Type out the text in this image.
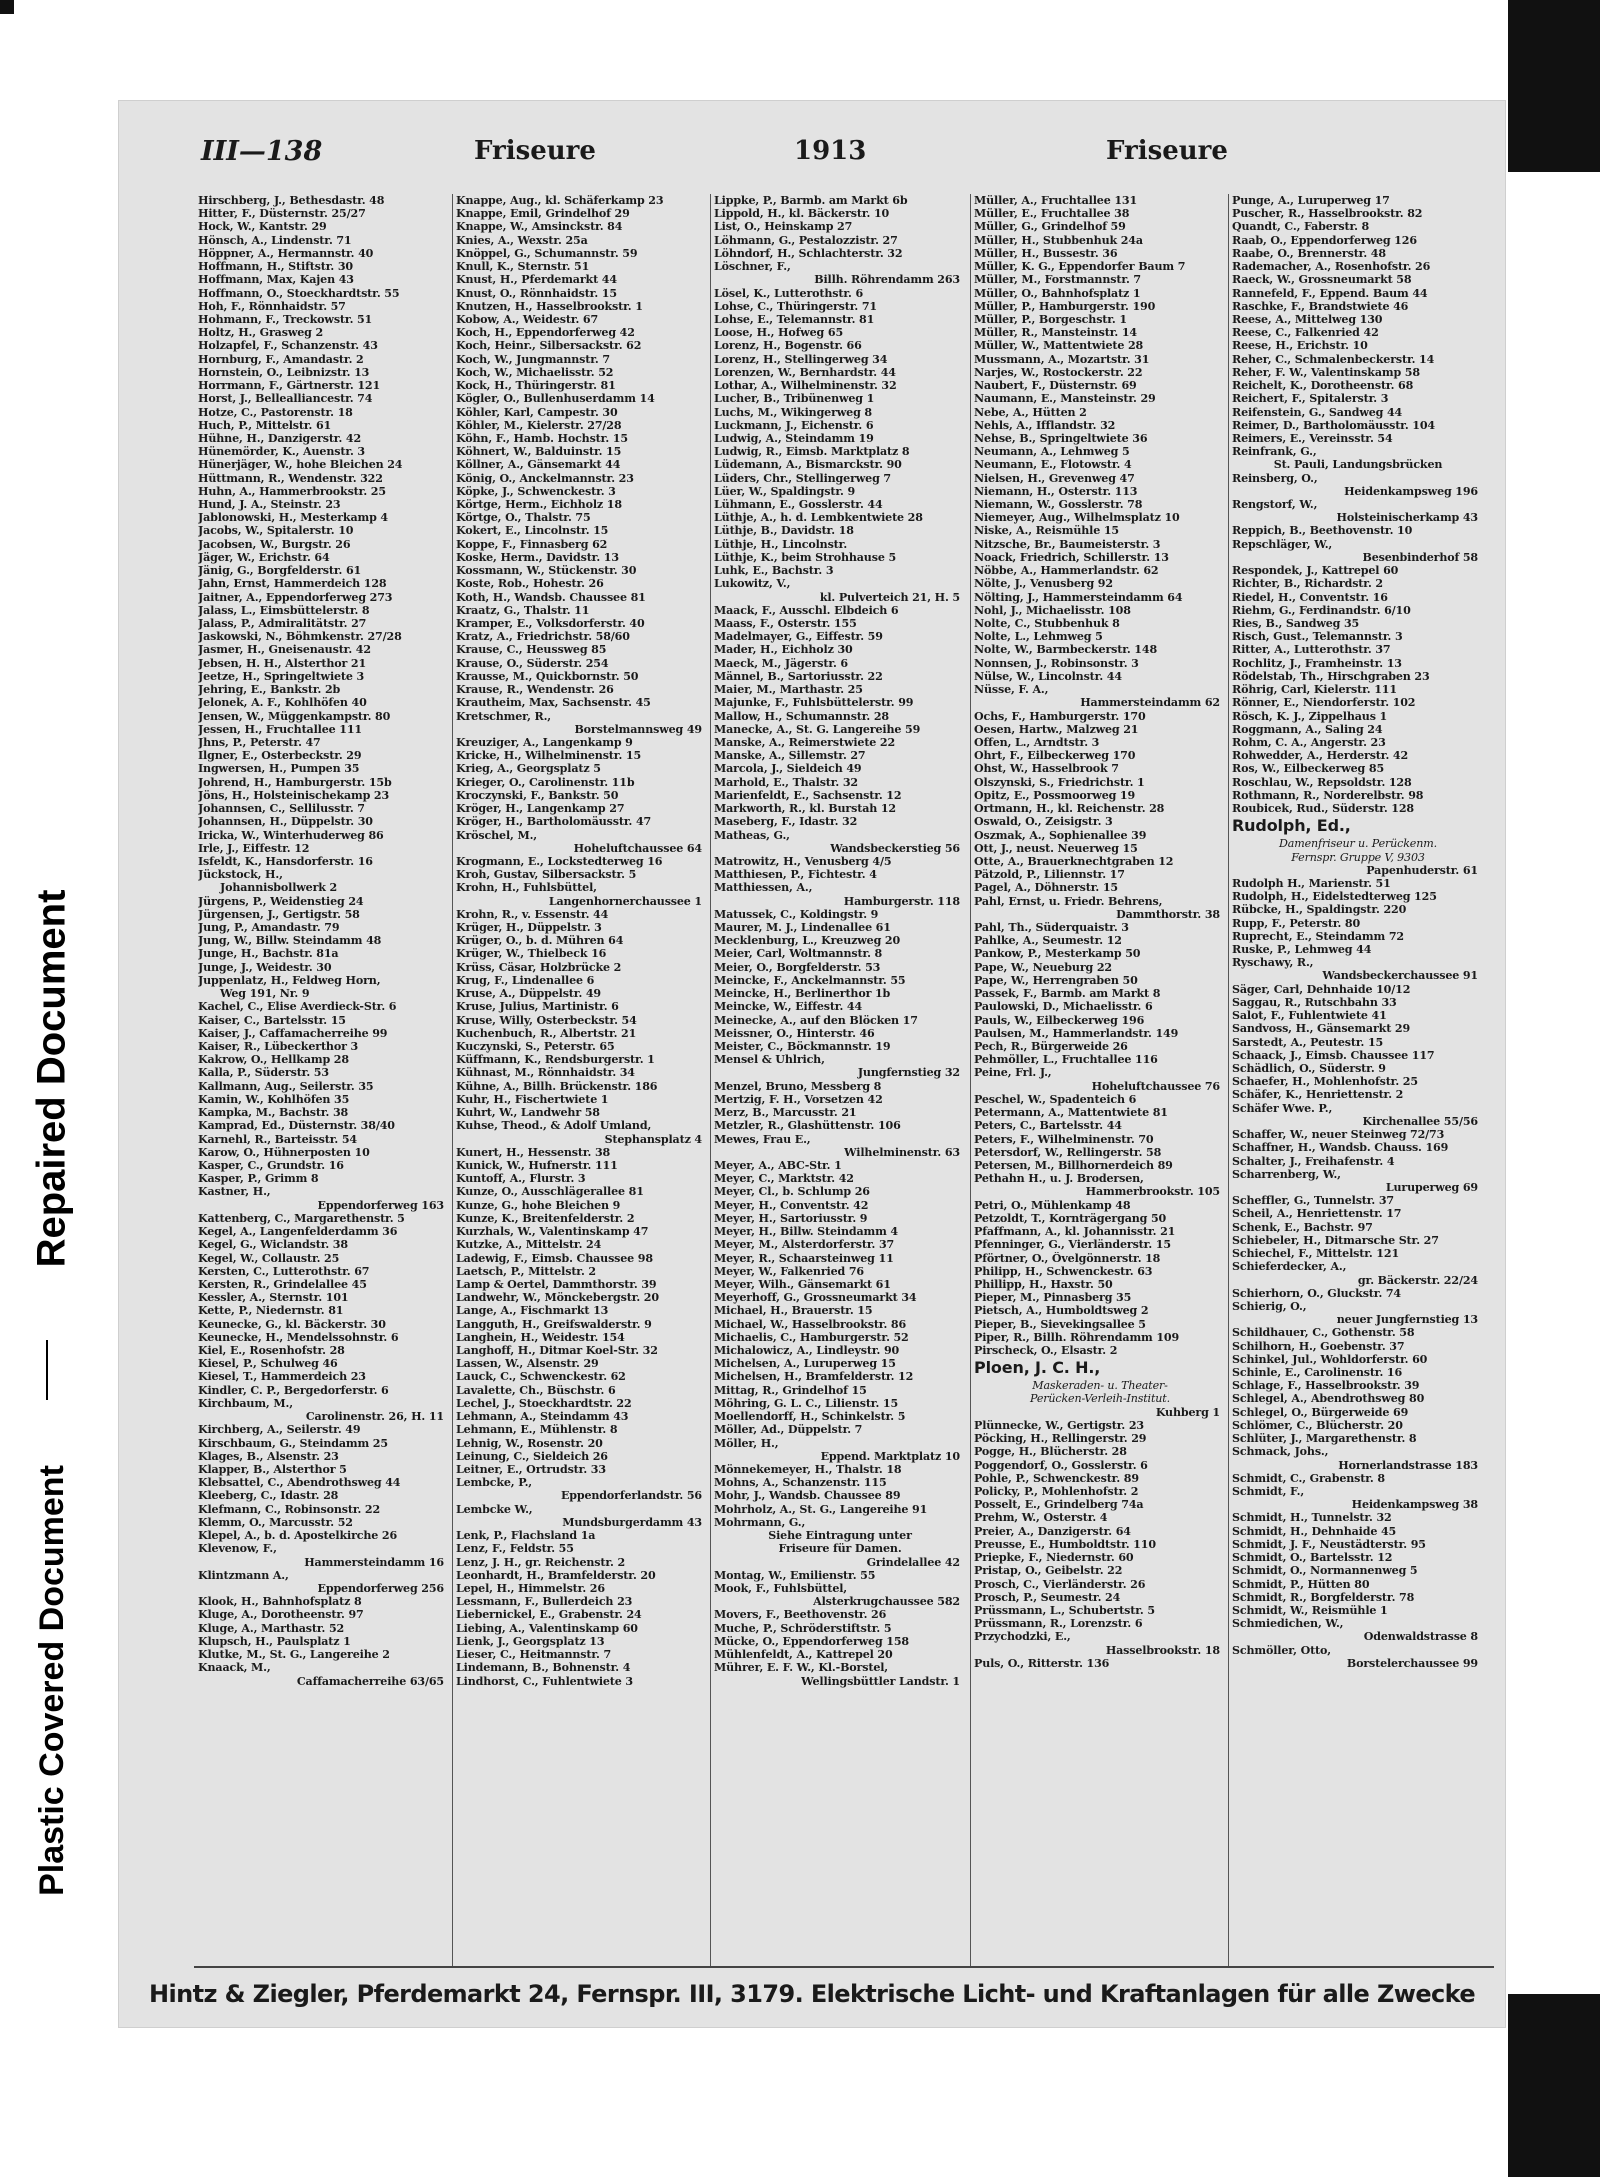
Repaired Document
Plastic Covered Document
III—138	Friseure	1913	Friseure
Hirschberg, J., Bethesdastr. 48
Hitter, F., Düsternstr. 25/27
Hock, W., Kantstr. 29
Hönsch, A., Lindenstr. 71
Höppner, A., Hermannstr. 40
Hoffmann, H., Stiftstr. 30
Hoffmann, Max, Kajen 43
Hoffmann, O., Stoeckhardtstr. 55
Hoh, F., Rönnhaidstr. 57
Hohmann, F., Treckowstr. 51
Holtz, H., Grasweg 2
Holzapfel, F., Schanzenstr. 43
Hornburg, F., Amandastr. 2
Hornstein, O., Leibnizstr. 13
Horrmann, F., Gärtnerstr. 121
Horst, J., Bellealliancestr. 74
Hotze, C., Pastorenstr. 18
Huch, P., Mittelstr. 61
Hühne, H., Danzigerstr. 42
Hünemörder, K., Auenstr. 3
Hünerjäger, W., hohe Bleichen 24
Hüttmann, R., Wendenstr. 322
Huhn, A., Hammerbrookstr. 25
Hund, J. A., Steinstr. 23
Jablonowski, H., Mesterkamp 4
Jacobs, W., Spitalerstr. 10
Jacobsen, W., Burgstr. 26
Jäger, W., Erichstr. 64
Jänig, G., Borgfelderstr. 61
Jahn, Ernst, Hammerdeich 128
Jaitner, A., Eppendorferweg 273
Jalass, L., Eimsbüttelerstr. 8
Jalass, P., Admiralitätstr. 27
Jaskowski, N., Böhmkenstr. 27/28
Jasmer, H., Gneisenaustr. 42
Jebsen, H. H., Alsterthor 21
Jeetze, H., Springeltwiete 3
Jehring, E., Bankstr. 2b
Jelonek, A. F., Kohlhöfen 40
Jensen, W., Müggenkampstr. 80
Jessen, H., Fruchtallee 111
Jhns, P., Peterstr. 47
Ilgner, E., Osterbeckstr. 29
Ingwersen, H., Pumpen 35
Johrend, H., Hamburgerstr. 15b
Jöns, H., Holsteinischekamp 23
Johannsen, C., Sellilusstr. 7
Johannsen, H., Düppelstr. 30
Iricka, W., Winterhuderweg 86
Irle, J., Eiffestr. 12
Isfeldt, K., Hansdorferstr. 16
Jückstock, H.,
Johannisbollwerk 2
Jürgens, P., Weidenstieg 24
Jürgensen, J., Gertigstr. 58
Jung, P., Amandastr. 79
Jung, W., Billw. Steindamm 48
Junge, H., Bachstr. 81a
Junge, J., Weidestr. 30
Juppenlatz, H., Feldweg Horn,
Weg 191, Nr. 9
Kachel, C., Elise Averdieck-Str. 6
Kaiser, C., Bartelsstr. 15
Kaiser, J., Caffamacherreihe 99
Kaiser, R., Lübeckerthor 3
Kakrow, O., Hellkamp 28
Kalla, P., Süderstr. 53
Kallmann, Aug., Seilerstr. 35
Kamin, W., Kohlhöfen 35
Kampka, M., Bachstr. 38
Kamprad, Ed., Düsternstr. 38/40
Karnehl, R., Barteisstr. 54
Karow, O., Hühnerposten 10
Kasper, C., Grundstr. 16
Kasper, P., Grimm 8
Kastner, H.,
Eppendorferweg 163
Kattenberg, C., Margarethenstr. 5
Kegel, A., Langenfelderdamm 36
Kegel, G., Wiclandstr. 38
Kegel, W., Collaustr. 25
Kersten, C., Lutterothstr. 67
Kersten, R., Grindelallee 45
Kessler, A., Sternstr. 101
Kette, P., Niedernstr. 81
Keunecke, G., kl. Bäckerstr. 30
Keunecke, H., Mendelssohnstr. 6
Kiel, E., Rosenhofstr. 28
Kiesel, P., Schulweg 46
Kiesel, T., Hammerdeich 23
Kindler, C. P., Bergedorferstr. 6
Kirchbaum, M.,
Carolinenstr. 26, H. 11
Kirchberg, A., Seilerstr. 49
Kirschbaum, G., Steindamm 25
Klages, B., Alsenstr. 23
Klapper, B., Alsterthor 5
Klebsattel, C., Abendrothsweg 44
Kleeberg, C., Idastr. 28
Klefmann, C., Robinsonstr. 22
Klemm, O., Marcusstr. 52
Klepel, A., b. d. Apostelkirche 26
Klevenow, F.,
Hammersteindamm 16
Klintzmann A.,
Eppendorferweg 256
Klook, H., Bahnhofsplatz 8
Kluge, A., Dorotheenstr. 97
Kluge, A., Marthastr. 52
Klupsch, H., Paulsplatz 1
Klutke, M., St. G., Langereihe 2
Knaack, M.,
Caffamacherreihe 63/65
Knappe, Aug., kl. Schäferkamp 23
Knappe, Emil, Grindelhof 29
Knappe, W., Amsinckstr. 84
Knies, A., Wexstr. 25a
Knöppel, G., Schumannstr. 59
Knull, K., Sternstr. 51
Knust, H., Pferdemarkt 44
Knust, O., Rönnhaidstr. 15
Knutzen, H., Hasselbrookstr. 1
Kobow, A., Weidestr. 67
Koch, H., Eppendorferweg 42
Koch, Heinr., Silbersackstr. 62
Koch, W., Jungmannstr. 7
Koch, W., Michaelisstr. 52
Kock, H., Thüringerstr. 81
Kögler, O., Bullenhuserdamm 14
Köhler, Karl, Campestr. 30
Köhler, M., Kielerstr. 27/28
Köhn, F., Hamb. Hochstr. 15
Köhnert, W., Balduinstr. 15
Köllner, A., Gänsemarkt 44
König, O., Anckelmannstr. 23
Köpke, J., Schwenckestr. 3
Körtge, Herm., Eichholz 18
Körtge, O., Thalstr. 75
Kokert, E., Lincolnstr. 15
Koppe, F., Finnasberg 62
Koske, Herm., Davidstr. 13
Kossmann, W., Stückenstr. 30
Koste, Rob., Hohestr. 26
Koth, H., Wandsb. Chaussee 81
Kraatz, G., Thalstr. 11
Kramper, E., Volksdorferstr. 40
Kratz, A., Friedrichstr. 58/60
Krause, C., Heussweg 85
Krause, O., Süderstr. 254
Krausse, M., Quickbornstr. 50
Krause, R., Wendenstr. 26
Krautheim, Max, Sachsenstr. 45
Kretschmer, R.,
Borstelmannsweg 49
Kreuziger, A., Langenkamp 9
Kricke, H., Wilhelminenstr. 15
Krieg, A., Georgsplatz 5
Krieger, O., Carolinenstr. 11b
Kroczynski, F., Bankstr. 50
Kröger, H., Langenkamp 27
Kröger, H., Bartholomäusstr. 47
Kröschel, M.,
Hoheluftchaussee 64
Krogmann, E., Lockstedterweg 16
Kroh, Gustav, Silbersackstr. 5
Krohn, H., Fuhlsbüttel,
Langenhornerchaussee 1
Krohn, R., v. Essenstr. 44
Krüger, H., Düppelstr. 3
Krüger, O., b. d. Mühren 64
Krüger, W., Thielbeck 16
Krüss, Cäsar, Holzbrücke 2
Krug, F., Lindenallee 6
Kruse, A., Düppelstr. 49
Kruse, Julius, Martinistr. 6
Kruse, Willy, Osterbeckstr. 54
Kuchenbuch, R., Albertstr. 21
Kuczynski, S., Peterstr. 65
Küffmann, K., Rendsburgerstr. 1
Kühnast, M., Rönnhaidstr. 34
Kühne, A., Billh. Brückenstr. 186
Kuhr, H., Fischertwiete 1
Kuhrt, W., Landwehr 58
Kuhse, Theod., & Adolf Umland,
Stephansplatz 4
Kunert, H., Hessenstr. 38
Kunick, W., Hufnerstr. 111
Kuntoff, A., Flurstr. 3
Kunze, O., Ausschlägerallee 81
Kunze, G., hohe Bleichen 9
Kunze, K., Breitenfelderstr. 2
Kurzhals, W., Valentinskamp 47
Kutzke, A., Mittelstr. 24
Ladewig, F., Eimsb. Chaussee 98
Laetsch, P., Mittelstr. 2
Lamp & Oertel, Dammthorstr. 39
Landwehr, W., Mönckebergstr. 20
Lange, A., Fischmarkt 13
Langguth, H., Greifswalderstr. 9
Langhein, H., Weidestr. 154
Langhoff, H., Ditmar Koel-Str. 32
Lassen, W., Alsenstr. 29
Lauck, C., Schwenckestr. 62
Lavalette, Ch., Büschstr. 6
Lechel, J., Stoeckhardtstr. 22
Lehmann, A., Steindamm 43
Lehmann, E., Mühlenstr. 8
Lehnig, W., Rosenstr. 20
Leinung, C., Sieldeich 26
Leitner, E., Ortrudstr. 33
Lembcke, P.,
Eppendorferlandstr. 56
Lembcke W.,
Mundsburgerdamm 43
Lenk, P., Flachsland 1a
Lenz, F., Feldstr. 55
Lenz, J. H., gr. Reichenstr. 2
Leonhardt, H., Bramfelderstr. 20
Lepel, H., Himmelstr. 26
Lessmann, F., Bullerdeich 23
Liebernickel, E., Grabenstr. 24
Liebing, A., Valentinskamp 60
Lienk, J., Georgsplatz 13
Lieser, C., Heitmannstr. 7
Lindemann, B., Bohnenstr. 4
Lindhorst, C., Fuhlentwiete 3
Lippke, P., Barmb. am Markt 6b
Lippold, H., kl. Bäckerstr. 10
List, O., Heinskamp 27
Löhmann, G., Pestalozzistr. 27
Löhndorf, H., Schlachterstr. 32
Löschner, F.,
Billh. Röhrendamm 263
Lösel, K., Lutterothstr. 6
Lohse, C., Thüringerstr. 71
Lohse, E., Telemannstr. 81
Loose, H., Hofweg 65
Lorenz, H., Bogenstr. 66
Lorenz, H., Stellingerweg 34
Lorenzen, W., Bernhardstr. 44
Lothar, A., Wilhelminenstr. 32
Lucher, B., Tribünenweg 1
Luchs, M., Wikingerweg 8
Luckmann, J., Eichenstr. 6
Ludwig, A., Steindamm 19
Ludwig, R., Eimsb. Marktplatz 8
Lüdemann, A., Bismarckstr. 90
Lüders, Chr., Stellingerweg 7
Lüer, W., Spaldingstr. 9
Lühmann, E., Gosslerstr. 44
Lüthje, A., h. d. Lembkentwiete 28
Lüthje, B., Davidstr. 18
Lüthje, H., Lincolnstr.
Lüthje, K., beim Strohhause 5
Luhk, E., Bachstr. 3
Lukowitz, V.,
kl. Pulverteich 21, H. 5
Maack, F., Ausschl. Elbdeich 6
Maass, F., Osterstr. 155
Madelmayer, G., Eiffestr. 59
Mader, H., Eichholz 30
Maeck, M., Jägerstr. 6
Männel, B., Sartoriusstr. 22
Maier, M., Marthastr. 25
Majunke, F., Fuhlsbüttelerstr. 99
Mallow, H., Schumannstr. 28
Manecke, A., St. G. Langereihe 59
Manske, A., Reimerstwiete 22
Manske, A., Sillemstr. 27
Marcola, J., Sieldeich 49
Marhold, E., Thalstr. 32
Marienfeldt, E., Sachsenstr. 12
Markworth, R., kl. Burstah 12
Maseberg, F., Idastr. 32
Matheas, G.,
Wandsbeckerstieg 56
Matrowitz, H., Venusberg 4/5
Matthiesen, P., Fichtestr. 4
Matthiessen, A.,
Hamburgerstr. 118
Matussek, C., Koldingstr. 9
Maurer, M. J., Lindenallee 61
Mecklenburg, L., Kreuzweg 20
Meier, Carl, Woltmannstr. 8
Meier, O., Borgfelderstr. 53
Meincke, F., Anckelmannstr. 55
Meincke, H., Berlinerthor 1b
Meincke, W., Eiffestr. 44
Meinecke, A., auf den Blöcken 17
Meissner, O., Hinterstr. 46
Meister, C., Böckmannstr. 19
Mensel & Uhlrich,
Jungfernstieg 32
Menzel, Bruno, Messberg 8
Mertzig, F. H., Vorsetzen 42
Merz, B., Marcusstr. 21
Metzler, R., Glashüttenstr. 106
Mewes, Frau E.,
Wilhelminenstr. 63
Meyer, A., ABC-Str. 1
Meyer, C., Marktstr. 42
Meyer, Cl., b. Schlump 26
Meyer, H., Conventstr. 42
Meyer, H., Sartoriusstr. 9
Meyer, H., Billw. Steindamm 4
Meyer, M., Alsterdorferstr. 37
Meyer, R., Schaarsteinweg 11
Meyer, W., Falkenried 76
Meyer, Wilh., Gänsemarkt 61
Meyerhoff, G., Grossneumarkt 34
Michael, H., Brauerstr. 15
Michael, W., Hasselbrookstr. 86
Michaelis, C., Hamburgerstr. 52
Michalowicz, A., Lindleystr. 90
Michelsen, A., Luruperweg 15
Michelsen, H., Bramfelderstr. 12
Mittag, R., Grindelhof 15
Möhring, G. L. C., Lilienstr. 15
Moellendorff, H., Schinkelstr. 5
Möller, Ad., Düppelstr. 7
Möller, H.,
Eppend. Marktplatz 10
Mönnekemeyer, H., Thalstr. 18
Mohns, A., Schanzenstr. 115
Mohr, J., Wandsb. Chaussee 89
Mohrholz, A., St. G., Langereihe 91
Mohrmann, G.,
Siehe Eintragung unter
Friseure für Damen.
Grindelallee 42
Montag, W., Emilienstr. 55
Mook, F., Fuhlsbüttel,
Alsterkrugchaussee 582
Movers, F., Beethovenstr. 26
Muche, P., Schröderstiftstr. 5
Mücke, O., Eppendorferweg 158
Mühlenfeldt, A., Kattrepel 20
Mührer, E. F. W., Kl.-Borstel,
Wellingsbüttler Landstr. 1
Müller, A., Fruchtallee 131
Müller, E., Fruchtallee 38
Müller, G., Grindelhof 59
Müller, H., Stubbenhuk 24a
Müller, H., Bussestr. 36
Müller, K. G., Eppendorfer Baum 7
Müller, M., Forstmannstr. 7
Müller, O., Bahnhofsplatz 1
Müller, P., Hamburgerstr. 190
Müller, P., Borgeschstr. 1
Müller, R., Mansteinstr. 14
Müller, W., Mattentwiete 28
Mussmann, A., Mozartstr. 31
Narjes, W., Rostockerstr. 22
Naubert, F., Düsternstr. 69
Naumann, E., Mansteinstr. 29
Nebe, A., Hütten 2
Nehls, A., Ifflandstr. 32
Nehse, B., Springeltwiete 36
Neumann, A., Lehmweg 5
Neumann, E., Flotowstr. 4
Nielsen, H., Grevenweg 47
Niemann, H., Osterstr. 113
Niemann, W., Gosslerstr. 78
Niemeyer, Aug., Wilhelmsplatz 10
Niske, A., Reismühle 15
Nitzsche, Br., Baumeisterstr. 3
Noack, Friedrich, Schillerstr. 13
Nöbbe, A., Hammerlandstr. 62
Nölte, J., Venusberg 92
Nölting, J., Hammersteindamm 64
Nohl, J., Michaelisstr. 108
Nolte, C., Stubbenhuk 8
Nolte, L., Lehmweg 5
Nolte, W., Barmbeckerstr. 148
Nonnsen, J., Robinsonstr. 3
Nülse, W., Lincolnstr. 44
Nüsse, F. A.,
Hammersteindamm 62
Ochs, F., Hamburgerstr. 170
Oesen, Hartw., Malzweg 21
Offen, L., Arndtstr. 3
Ohrt, F., Eilbeckerweg 170
Ohst, W., Hasselbrook 7
Olszynski, S., Friedrichstr. 1
Opitz, E., Possmoorweg 19
Ortmann, H., kl. Reichenstr. 28
Oswald, O., Zeisigstr. 3
Oszmak, A., Sophienallee 39
Ott, J., neust. Neuerweg 15
Otte, A., Brauerknechtgraben 12
Pätzold, P., Liliennstr. 17
Pagel, A., Döhnerstr. 15
Pahl, Ernst, u. Friedr. Behrens,
Dammthorstr. 38
Pahl, Th., Süderquaistr. 3
Pahlke, A., Seumestr. 12
Pankow, P., Mesterkamp 50
Pape, W., Neueburg 22
Pape, W., Herrengraben 50
Passek, F., Barmb. am Markt 8
Paulowski, D., Michaelisstr. 6
Pauls, W., Eilbeckerweg 196
Paulsen, M., Hammerlandstr. 149
Pech, R., Bürgerweide 26
Pehmöller, L., Fruchtallee 116
Peine, Frl. J.,
Hoheluftchaussee 76
Peschel, W., Spadenteich 6
Petermann, A., Mattentwiete 81
Peters, C., Bartelsstr. 44
Peters, F., Wilhelminenstr. 70
Petersdorf, W., Rellingerstr. 58
Petersen, M., Billhornerdeich 89
Pethahn H., u. J. Brodersen,
Hammerbrookstr. 105
Petri, O., Mühlenkamp 48
Petzoldt, T., Kornträgergang 50
Pfaffmann, A., kl. Johannisstr. 21
Pfenninger, G., Vierländerstr. 15
Pförtner, O., Övelgönnerstr. 18
Philipp, H., Schwenckestr. 63
Phillipp, H., Haxstr. 50
Pieper, M., Pinnasberg 35
Pietsch, A., Humboldtsweg 2
Pieper, B., Sievekingsallee 5
Piper, R., Billh. Röhrendamm 109
Pirscheck, O., Elsastr. 2
Ploen, J. C. H.,
Maskeraden- u. Theater-
Perücken-Verleih-Institut.
Kuhberg 1
Plünnecke, W., Gertigstr. 23
Pöcking, H., Rellingerstr. 29
Pogge, H., Blücherstr. 28
Poggendorf, O., Gosslerstr. 6
Pohle, P., Schwenckestr. 89
Policky, P., Mohlenhofstr. 2
Posselt, E., Grindelberg 74a
Prehm, W., Osterstr. 4
Preier, A., Danzigerstr. 64
Preusse, E., Humboldtstr. 110
Priepke, F., Niedernstr. 60
Pristap, O., Geibelstr. 22
Prosch, C., Vierländerstr. 26
Prosch, P., Seumestr. 24
Prüssmann, L., Schubertstr. 5
Prüssmann, R., Lorenzstr. 6
Przychodzki, E.,
Hasselbrookstr. 18
Puls, O., Ritterstr. 136
Punge, A., Luruperweg 17
Puscher, R., Hasselbrookstr. 82
Quandt, C., Faberstr. 8
Raab, O., Eppendorferweg 126
Raabe, O., Brennerstr. 48
Rademacher, A., Rosenhofstr. 26
Raeck, W., Grossneumarkt 58
Rannefeld, F., Eppend. Baum 44
Raschke, F., Brandstwiete 46
Reese, A., Mittelweg 130
Reese, C., Falkenried 42
Reese, H., Erichstr. 10
Reher, C., Schmalenbeckerstr. 14
Reher, F. W., Valentinskamp 58
Reichelt, K., Dorotheenstr. 68
Reichert, F., Spitalerstr. 3
Reifenstein, G., Sandweg 44
Reimer, D., Bartholomäusstr. 104
Reimers, E., Vereinsstr. 54
Reinfrank, G.,
St. Pauli, Landungsbrücken
Reinsberg, O.,
Heidenkampsweg 196
Rengstorf, W.,
Holsteinischerkamp 43
Reppich, B., Beethovenstr. 10
Repschläger, W.,
Besenbinderhof 58
Respondek, J., Kattrepel 60
Richter, B., Richardstr. 2
Riedel, H., Conventstr. 16
Riehm, G., Ferdinandstr. 6/10
Ries, B., Sandweg 35
Risch, Gust., Telemannstr. 3
Ritter, A., Lutterothstr. 37
Rochlitz, J., Framheinstr. 13
Rödelstab, Th., Hirschgraben 23
Röhrig, Carl, Kielerstr. 111
Rönner, E., Niendorferstr. 102
Rösch, K. J., Zippelhaus 1
Roggmann, A., Saling 24
Rohm, C. A., Angerstr. 23
Rohwedder, A., Herderstr. 42
Ros, W., Eilbeckerweg 85
Roschlau, W., Repsoldstr. 128
Rothmann, R., Norderelbstr. 98
Roubicek, Rud., Süderstr. 128
Rudolph, Ed.,
Damenfriseur u. Perückenm.
Fernspr. Gruppe V, 9303
Papenhuderstr. 61
Rudolph H., Marienstr. 51
Rudolph, H., Eidelstedterweg 125
Rübcke, H., Spaldingstr. 220
Rupp, F., Peterstr. 80
Ruprecht, E., Steindamm 72
Ruske, P., Lehmweg 44
Ryschawy, R.,
Wandsbeckerchaussee 91
Säger, Carl, Dehnhaide 10/12
Saggau, R., Rutschbahn 33
Salot, F., Fuhlentwiete 41
Sandvoss, H., Gänsemarkt 29
Sarstedt, A., Peutestr. 15
Schaack, J., Eimsb. Chaussee 117
Schädlich, O., Süderstr. 9
Schaefer, H., Mohlenhofstr. 25
Schäfer, K., Henriettenstr. 2
Schäfer Wwe. P.,
Kirchenallee 55/56
Schaffer, W., neuer Steinweg 72/73
Schaffner, H., Wandsb. Chauss. 169
Schalter, J., Freihafenstr. 4
Scharrenberg, W.,
Luruperweg 69
Scheffler, G., Tunnelstr. 37
Scheil, A., Henriettenstr. 17
Schenk, E., Bachstr. 97
Schiebeler, H., Ditmarsche Str. 27
Schiechel, F., Mittelstr. 121
Schieferdecker, A.,
gr. Bäckerstr. 22/24
Schierhorn, O., Gluckstr. 74
Schierig, O.,
neuer Jungfernstieg 13
Schildhauer, C., Gothenstr. 58
Schilhorn, H., Goebenstr. 37
Schinkel, Jul., Wohldorferstr. 60
Schinle, E., Carolinenstr. 16
Schlage, F., Hasselbrookstr. 39
Schlegel, A., Abendrothsweg 80
Schlegel, O., Bürgerweide 69
Schlömer, C., Blücherstr. 20
Schlüter, J., Margarethenstr. 8
Schmack, Johs.,
Hornerlandstrasse 183
Schmidt, C., Grabenstr. 8
Schmidt, F.,
Heidenkampsweg 38
Schmidt, H., Tunnelstr. 32
Schmidt, H., Dehnhaide 45
Schmidt, J. F., Neustädterstr. 95
Schmidt, O., Bartelsstr. 12
Schmidt, O., Normannenweg 5
Schmidt, P., Hütten 80
Schmidt, R., Borgfelderstr. 78
Schmidt, W., Reismühle 1
Schmiedichen, W.,
Odenwaldstrasse 8
Schmöller, Otto,
Borstelerchaussee 99
Hintz & Ziegler, Pferdemarkt 24, Fernspr. III, 3179. Elektrische Licht- und Kraftanlagen für alle Zwecke
